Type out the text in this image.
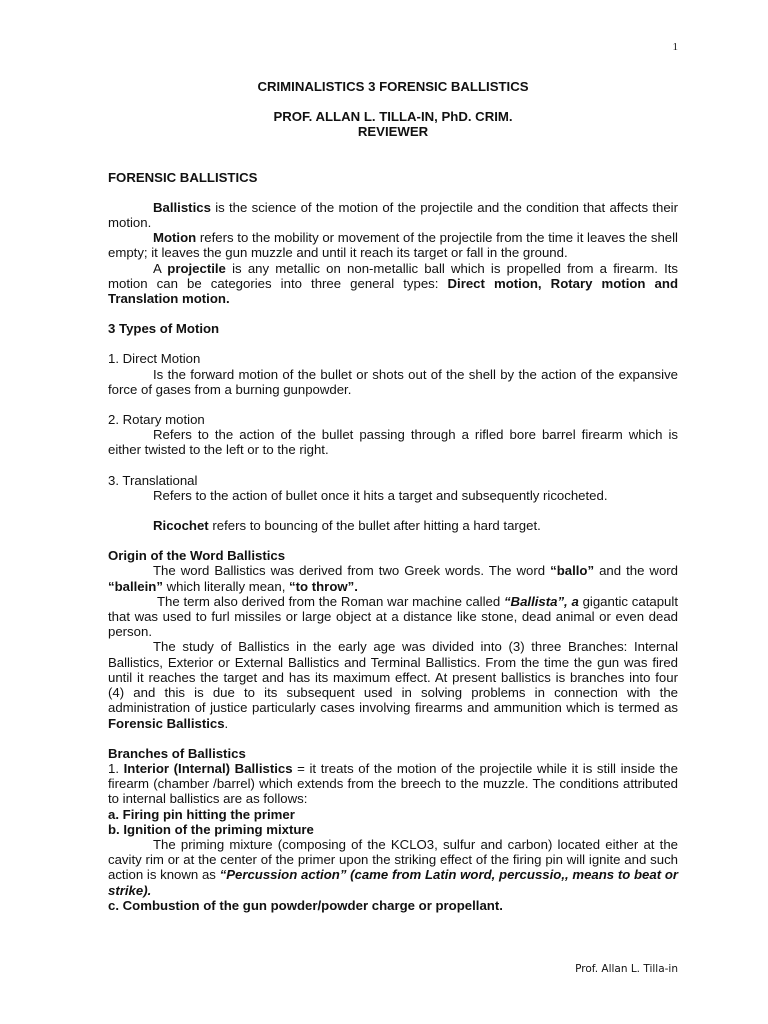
1
CRIMINALISTICS 3 FORENSIC BALLISTICS
PROF. ALLAN L. TILLA-IN, PhD. CRIM.
REVIEWER
FORENSIC BALLISTICS

Ballistics is the science of the motion of the projectile and the condition that affects their motion.

Motion refers to the mobility or movement of the projectile from the time it leaves the shell empty; it leaves the gun muzzle and until it reach its target or fall in the ground.

A projectile is any metallic on non-metallic ball which is propelled from a firearm. Its motion can be categories into three general types: Direct motion, Rotary motion and Translation motion.

3 Types of Motion
1. Direct Motion

Is the forward motion of the bullet or shots out of the shell by the action of the expansive force of gases from a burning gunpowder.

2. Rotary motion

Refers to the action of the bullet passing through a rifled bore barrel firearm which is either twisted to the left or to the right.

3. Translational

Refers to the action of bullet once it hits a target and subsequently ricocheted.

Ricochet refers to bouncing of the bullet after hitting a hard target.

Origin of the Word Ballistics

The word Ballistics was derived from two Greek words. The word “ballo” and the word “ballein” which literally mean, “to throw”.

The term also derived from the Roman war machine called “Ballista”, a gigantic catapult that was used to furl missiles or large object at a distance like stone, dead animal or even dead person.

The study of Ballistics in the early age was divided into (3) three Branches: Internal Ballistics, Exterior or External Ballistics and Terminal Ballistics. From the time the gun was fired until it reaches the target and has its maximum effect. At present ballistics is branches into four (4) and this is due to its subsequent used in solving problems in connection with the administration of justice particularly cases involving firearms and ammunition which is termed as Forensic Ballistics.

Branches of Ballistics

1. Interior (Internal) Ballistics = it treats of the motion of the projectile while it is still inside the firearm (chamber /barrel) which extends from the breech to the muzzle. The conditions attributed to internal ballistics are as follows:

a. Firing pin hitting the primer
b. Ignition of the priming mixture

The priming mixture (composing of the KCLO3, sulfur and carbon) located either at the cavity rim or at the center of the primer upon the striking effect of the firing pin will ignite and such action is known as “Percussion action” (came from Latin word, percussio,, means to beat or strike).

c. Combustion of the gun powder/powder charge or propellant.
Prof. Allan L. Tilla-in
